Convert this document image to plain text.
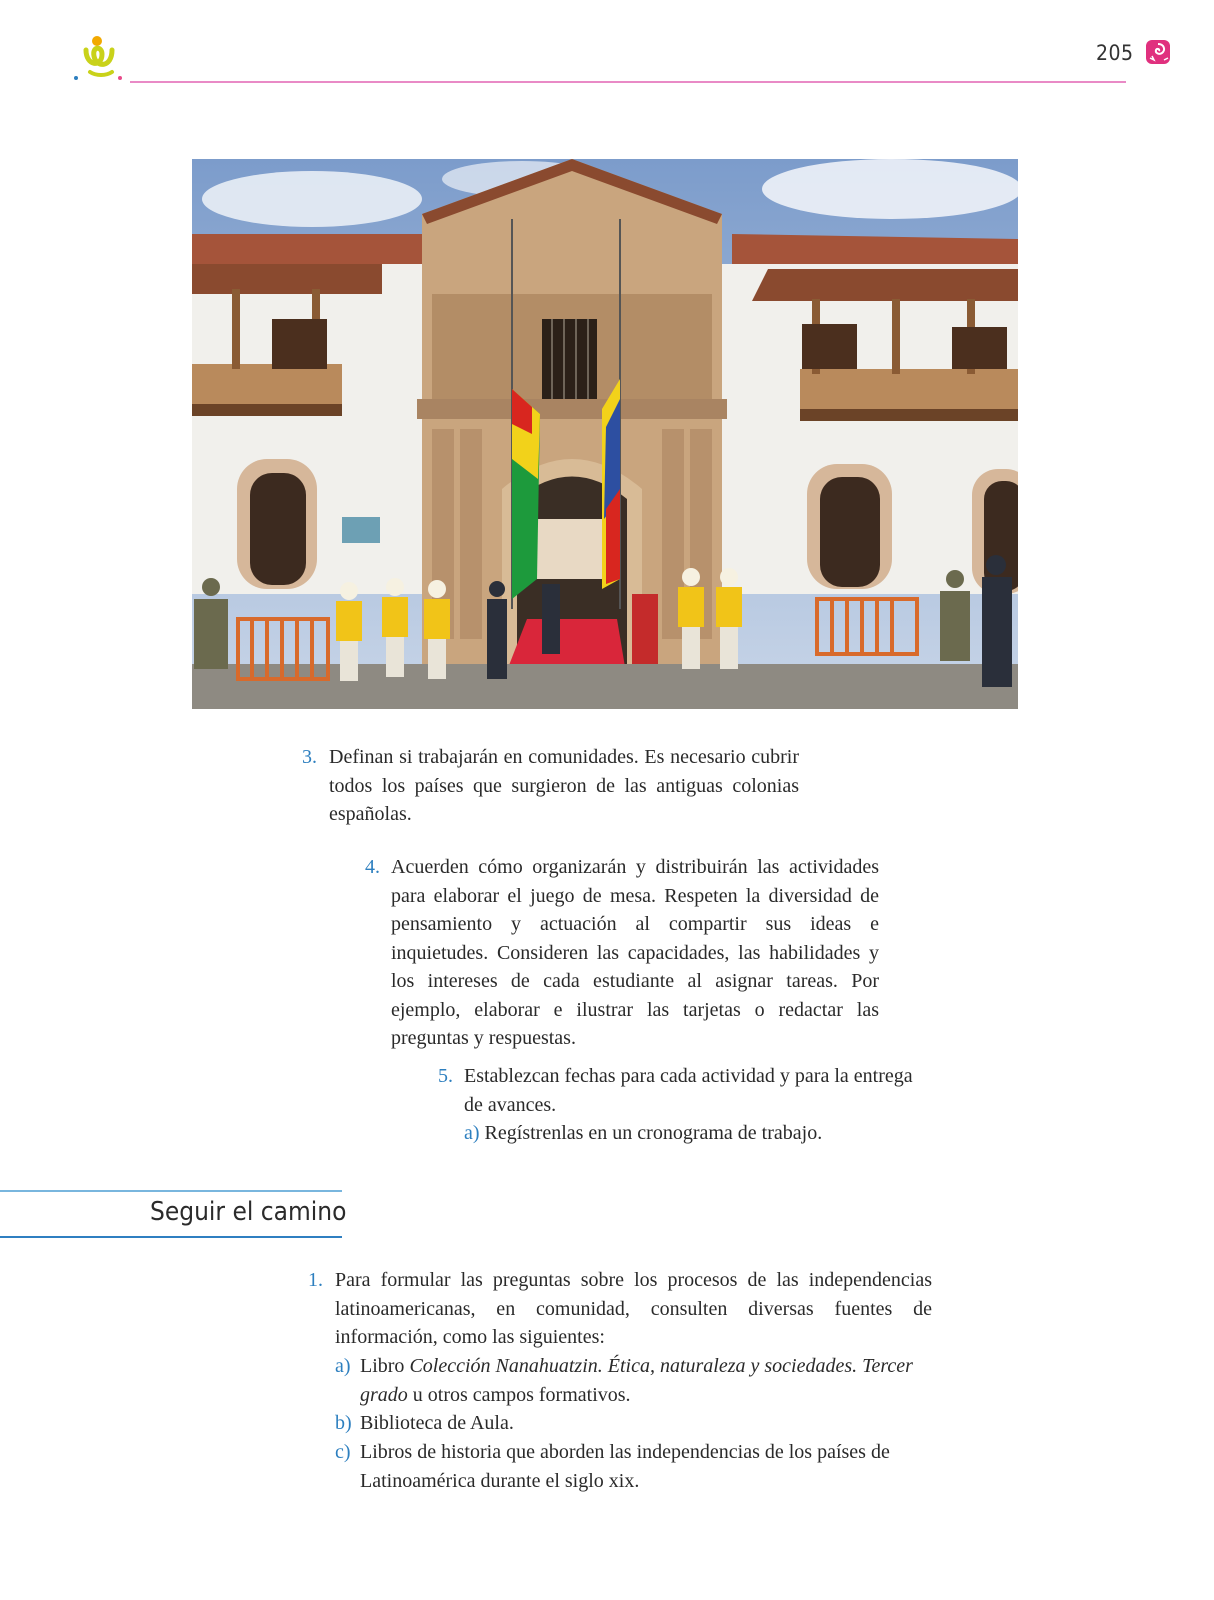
205
3. Definan si trabajarán en comunidades. Es necesario cubrir todos los países que surgieron de las antiguas colonias españolas.
4. Acuerden cómo organizarán y distribuirán las actividades para elaborar el juego de mesa. Respeten la diversidad de pensamiento y actuación al compartir sus ideas e inquietudes. Consideren las capacidades, las habilidades y los intereses de cada estudiante al asignar tareas. Por ejemplo, elaborar e ilustrar las tarjetas o redactar las preguntas y respuestas.
5. Establezcan fechas para cada actividad y para la entrega de avances.
a) Regístrenlas en un cronograma de trabajo.
Seguir el camino
1. Para formular las preguntas sobre los procesos de las independencias latinoamericanas, en comunidad, consulten diversas fuentes de información, como las siguientes:
a) Libro Colección Nanahuatzin. Ética, naturaleza y sociedades. Tercer grado u otros campos formativos.
b) Biblioteca de Aula.
c) Libros de historia que aborden las independencias de los países de Latinoamérica durante el siglo xix.
